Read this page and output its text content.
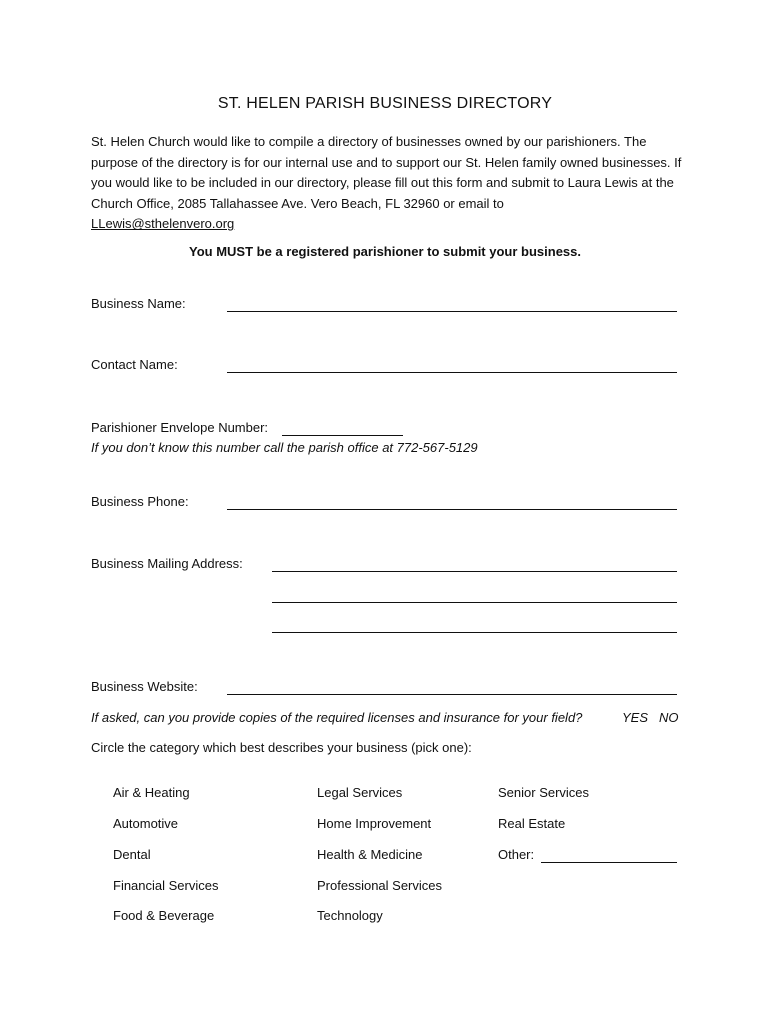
ST. HELEN PARISH BUSINESS DIRECTORY
St. Helen Church would like to compile a directory of businesses owned by our parishioners. The purpose of the directory is for our internal use and to support our St. Helen family owned businesses. If you would like to be included in our directory, please fill out this form and submit to Laura Lewis at the Church Office, 2085 Tallahassee Ave. Vero Beach, FL 32960 or email to
LLewis@sthelenvero.org
You MUST be a registered parishioner to submit your business.
Business Name:
Contact Name:
Parishioner Envelope Number:
If you don’t know this number call the parish office at 772-567-5129
Business Phone:
Business Mailing Address:
Business Website:
If asked, can you provide copies of the required licenses and insurance for your field?	YES NO
Circle the category which best describes your business (pick one):
Air & Heating
Automotive
Dental
Financial Services
Food & Beverage
Legal Services
Home Improvement
Health & Medicine
Professional Services
Technology
Senior Services
Real Estate
Other:
